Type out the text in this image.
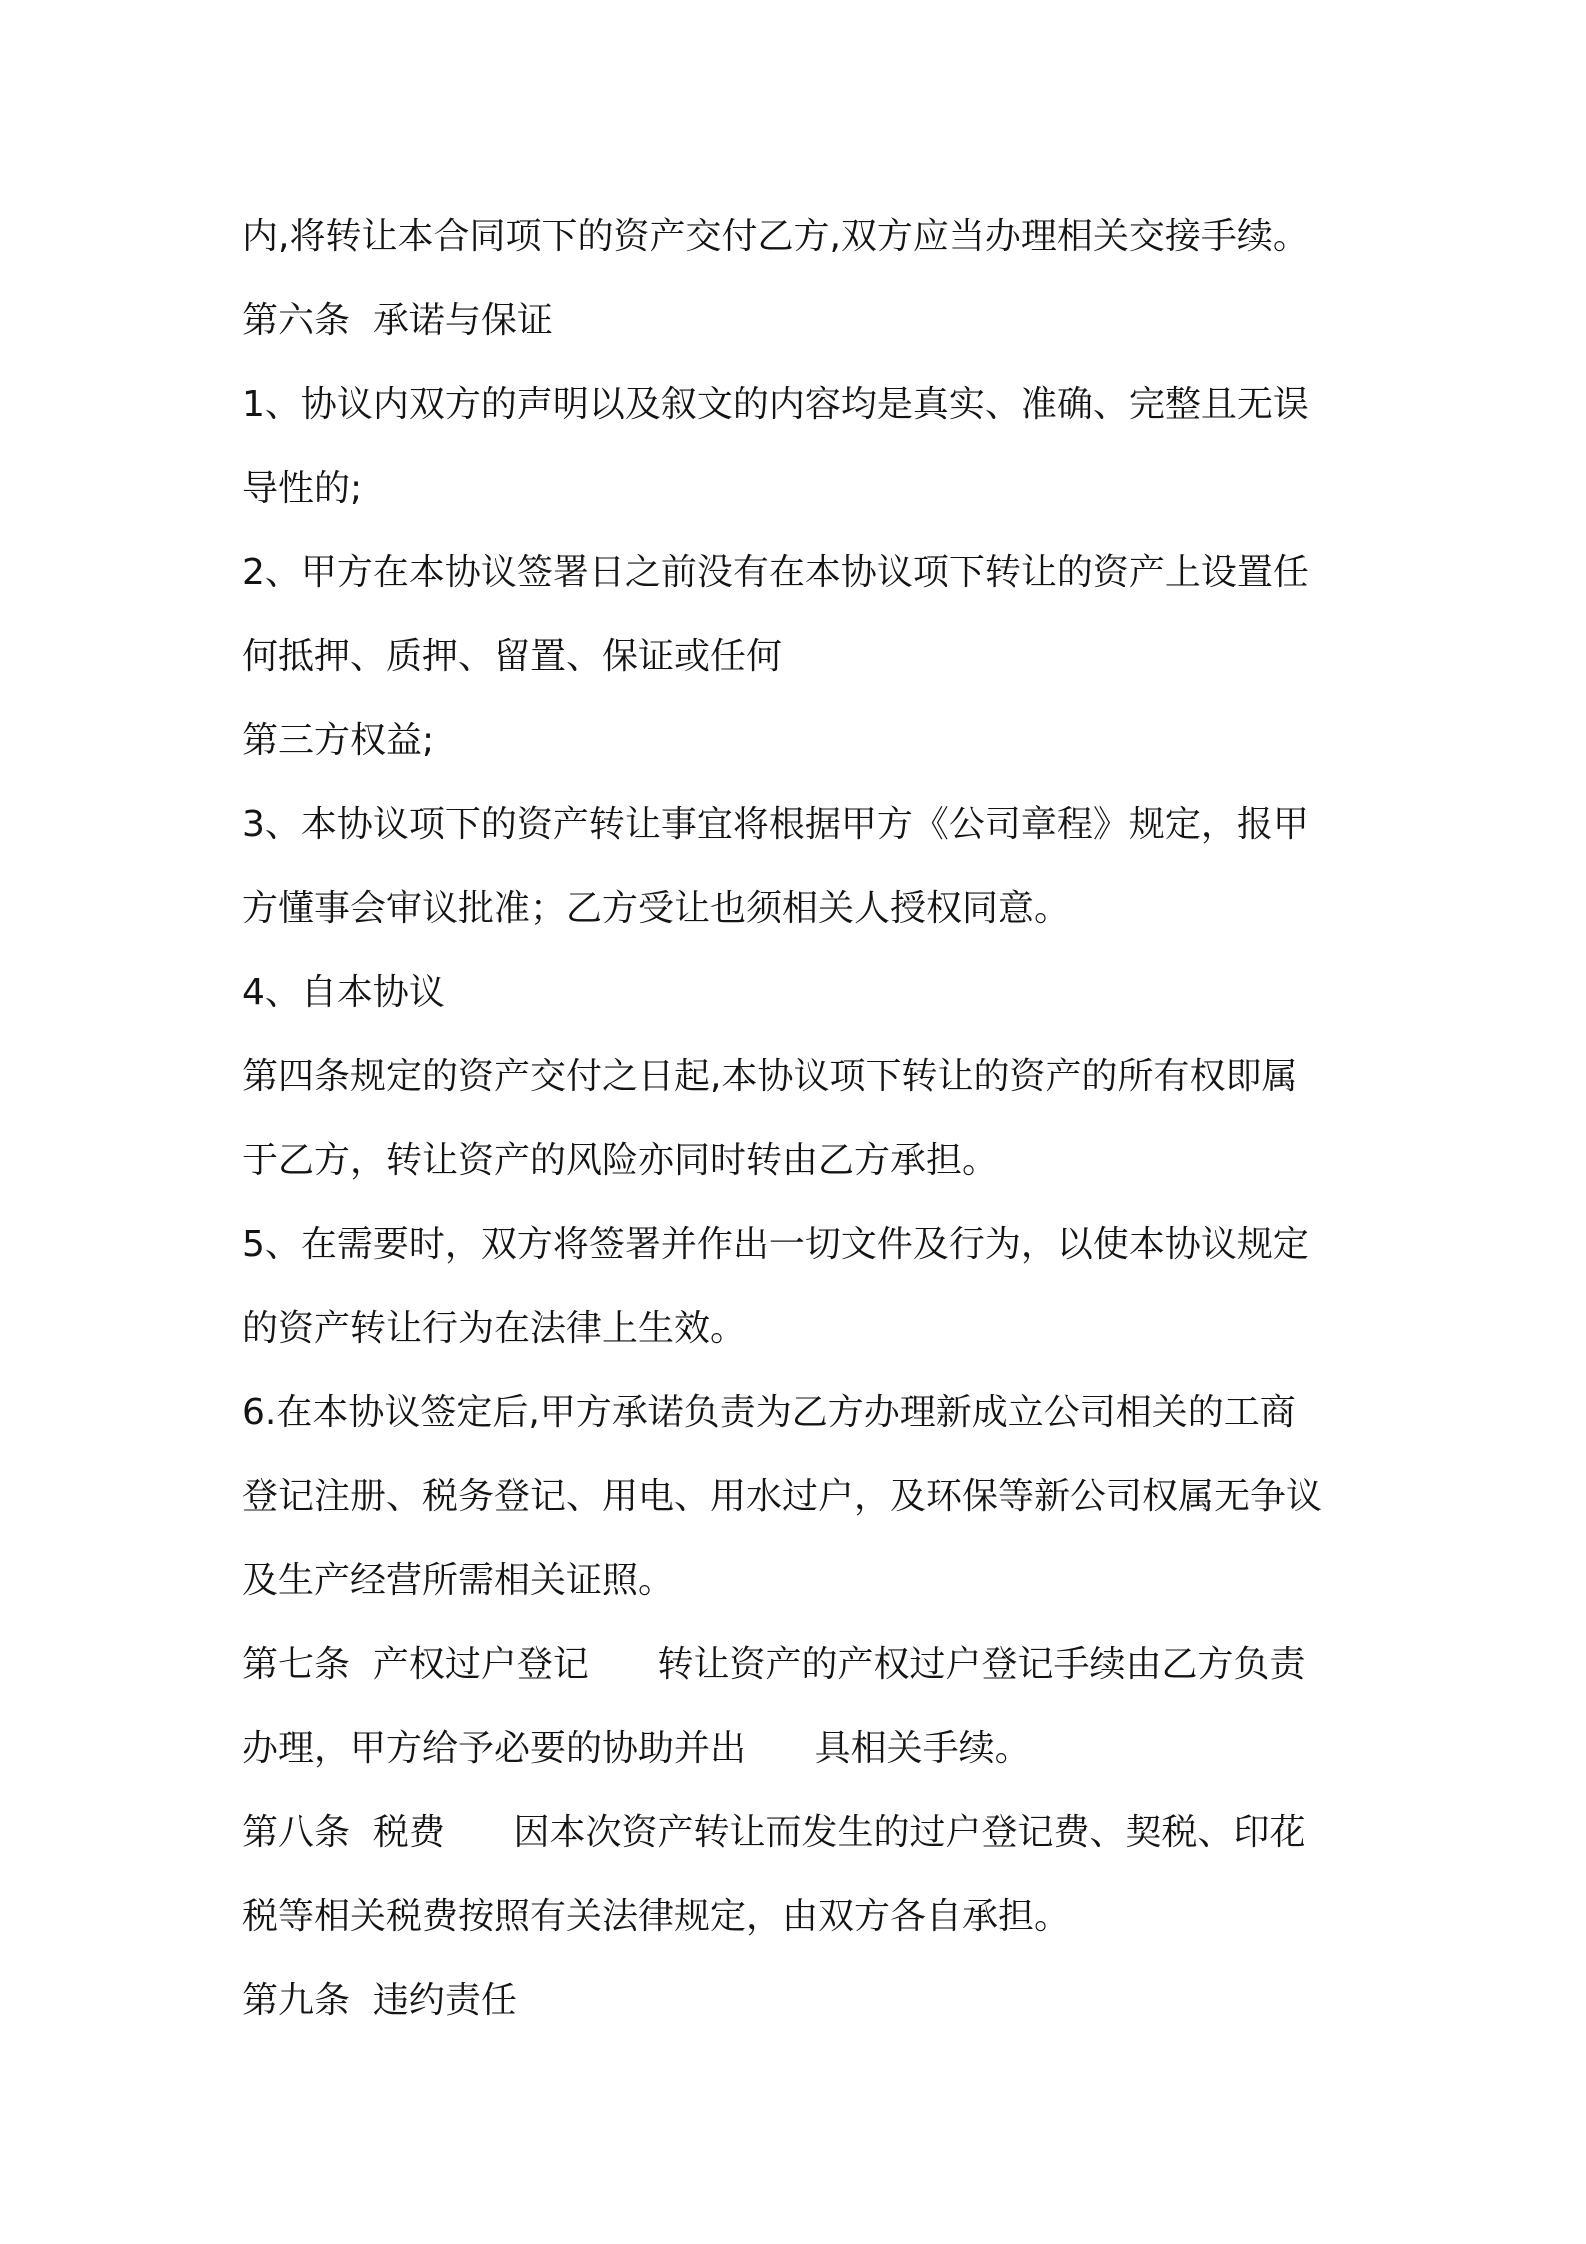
内,将转让本合同项下的资产交付乙方,双方应当办理相关交接手续。
第六条  承诺与保证
1、协议内双方的声明以及叙文的内容均是真实、准确、完整且无误
导性的;
2、甲方在本协议签署日之前没有在本协议项下转让的资产上设置任
何抵押、质押、留置、保证或任何
第三方权益;
3、本协议项下的资产转让事宜将根据甲方《公司章程》规定，报甲
方懂事会审议批准；乙方受让也须相关人授权同意。
4、自本协议
第四条规定的资产交付之日起,本协议项下转让的资产的所有权即属
于乙方，转让资产的风险亦同时转由乙方承担。
5、在需要时，双方将签署并作出一切文件及行为，以使本协议规定
的资产转让行为在法律上生效。
6.在本协议签定后,甲方承诺负责为乙方办理新成立公司相关的工商
登记注册、税务登记、用电、用水过户，及环保等新公司权属无争议
及生产经营所需相关证照。
第七条  产权过户登记      转让资产的产权过户登记手续由乙方负责
办理，甲方给予必要的协助并出      具相关手续。
第八条  税费      因本次资产转让而发生的过户登记费、契税、印花
税等相关税费按照有关法律规定，由双方各自承担。
第九条  违约责任
